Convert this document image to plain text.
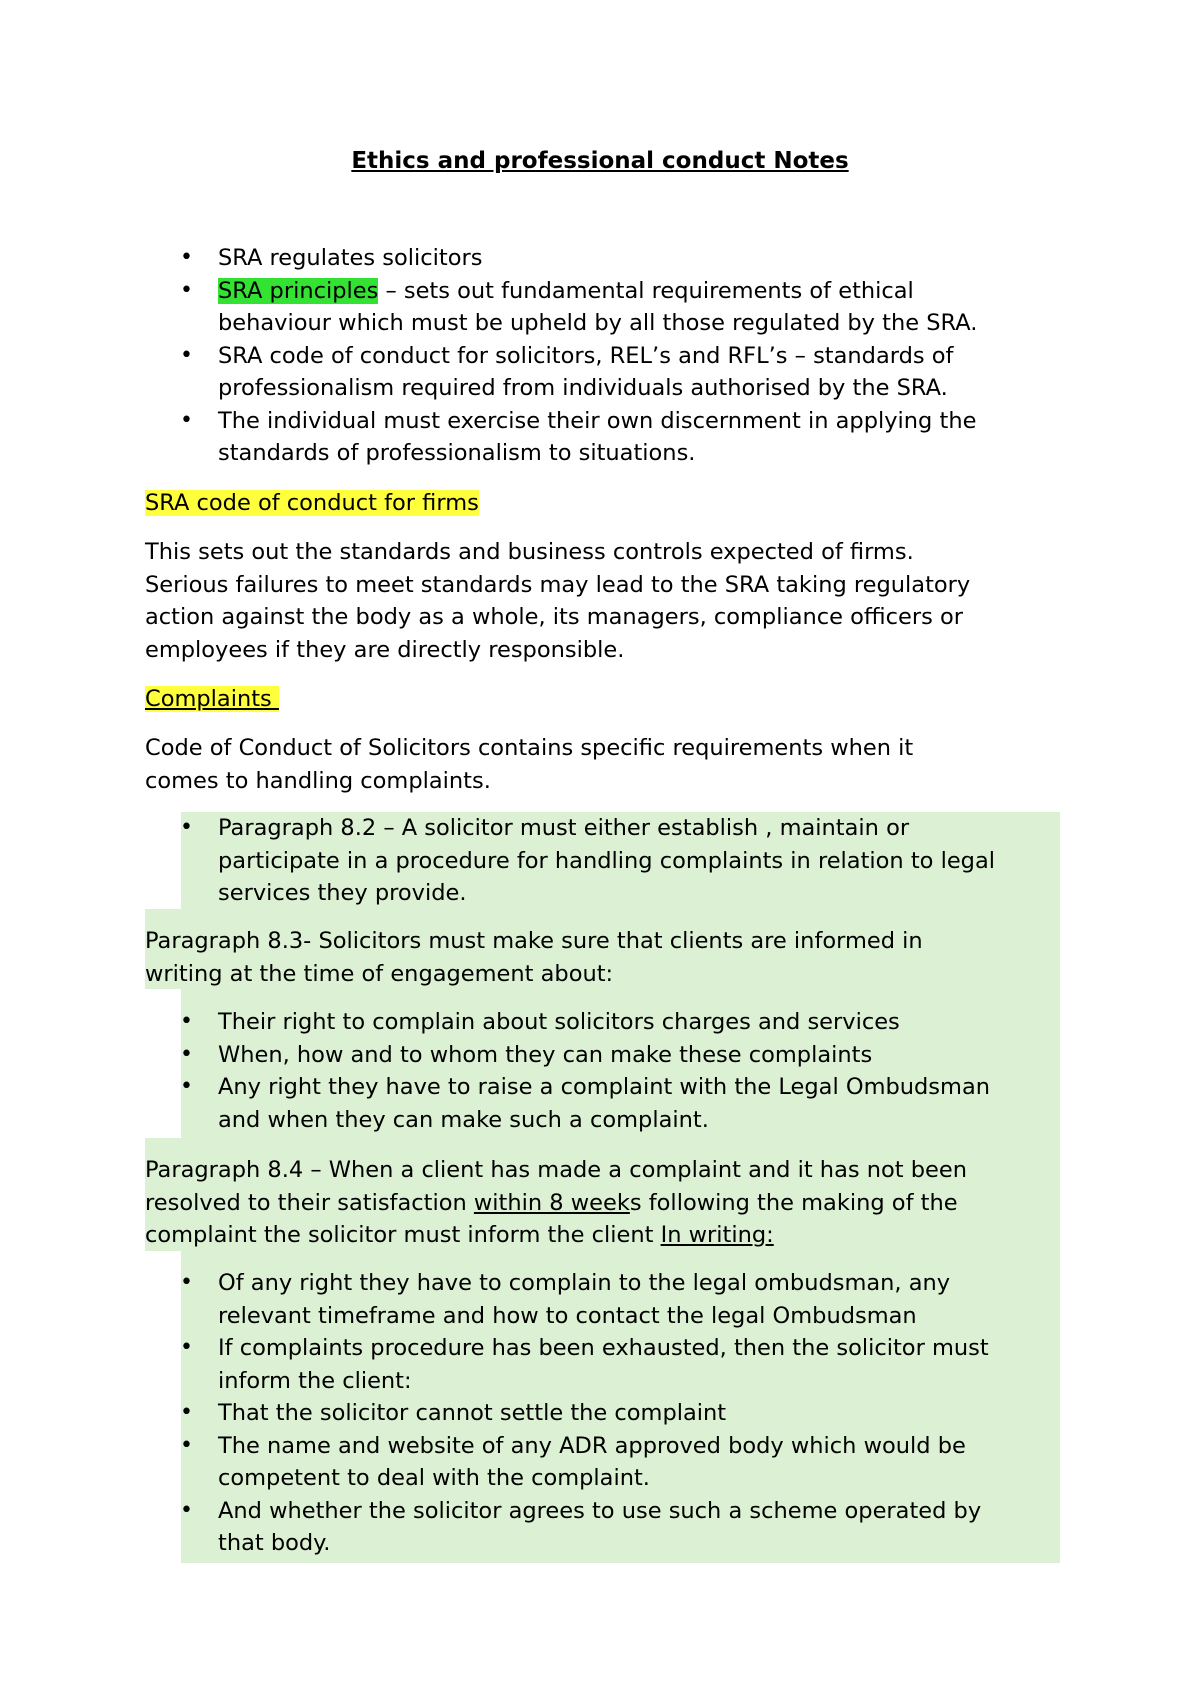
Ethics and professional conduct Notes
• SRA regulates solicitors
• SRA principles – sets out fundamental requirements of ethical
behaviour which must be upheld by all those regulated by the SRA.
• SRA code of conduct for solicitors, REL’s and RFL’s – standards of
professionalism required from individuals authorised by the SRA.
• The individual must exercise their own discernment in applying the
standards of professionalism to situations.

SRA code of conduct for firms

This sets out the standards and business controls expected of firms.
Serious failures to meet standards may lead to the SRA taking regulatory
action against the body as a whole, its managers, compliance officers or
employees if they are directly responsible.

Complaints

Code of Conduct of Solicitors contains specific requirements when it
comes to handling complaints.

• Paragraph 8.2 – A solicitor must either establish , maintain or
participate in a procedure for handling complaints in relation to legal
services they provide.

Paragraph 8.3- Solicitors must make sure that clients are informed in
writing at the time of engagement about:

• Their right to complain about solicitors charges and services
• When, how and to whom they can make these complaints
• Any right they have to raise a complaint with the Legal Ombudsman
and when they can make such a complaint.

Paragraph 8.4 – When a client has made a complaint and it has not been
resolved to their satisfaction within 8 weeks following the making of the
complaint the solicitor must inform the client In writing:

• Of any right they have to complain to the legal ombudsman, any
relevant timeframe and how to contact the legal Ombudsman
• If complaints procedure has been exhausted, then the solicitor must
inform the client:
• That the solicitor cannot settle the complaint
• The name and website of any ADR approved body which would be
competent to deal with the complaint.
• And whether the solicitor agrees to use such a scheme operated by
that body.
